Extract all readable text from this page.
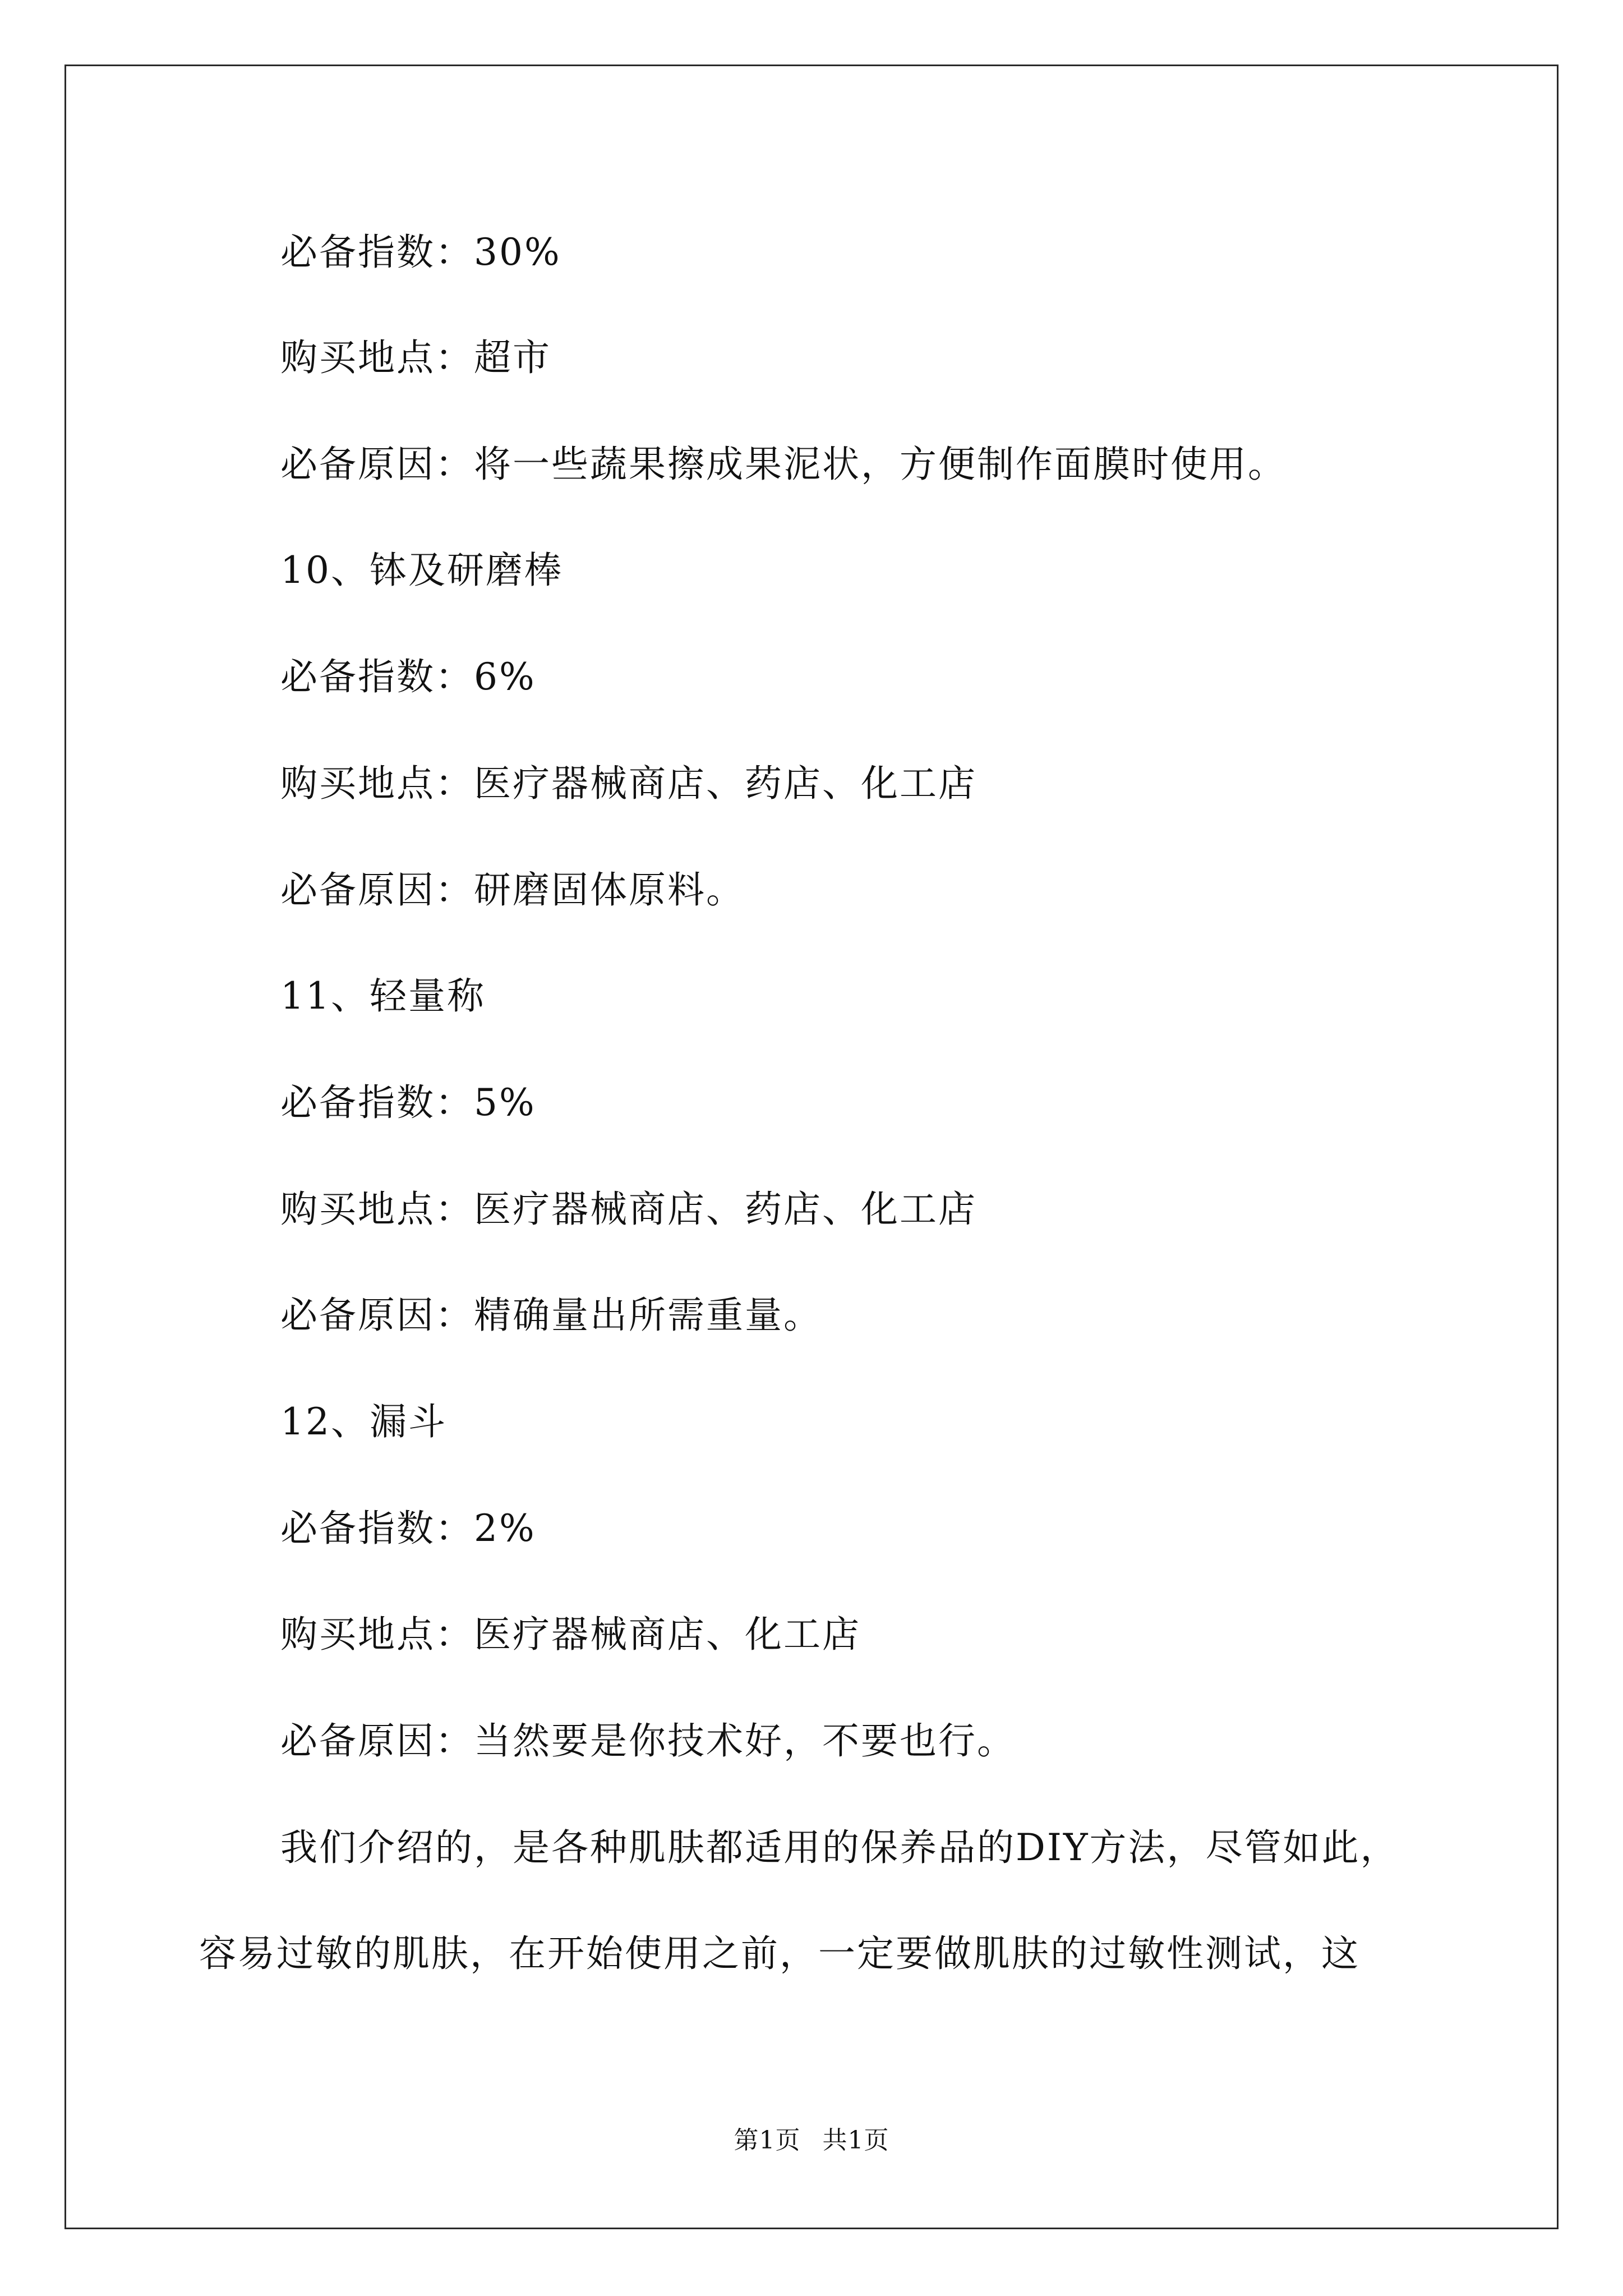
必备指数：30%
购买地点：超市
必备原因：将一些蔬果擦成果泥状，方便制作面膜时使用。
10、钵及研磨棒
必备指数：6%
购买地点：医疗器械商店、药店、化工店
必备原因：研磨固体原料。
11、轻量称
必备指数：5%
购买地点：医疗器械商店、药店、化工店
必备原因：精确量出所需重量。
12、漏斗
必备指数：2%
购买地点：医疗器械商店、化工店
必备原因：当然要是你技术好，不要也行。
我们介绍的，是各种肌肤都适用的保养品的DIY方法，尽管如此，
容易过敏的肌肤，在开始使用之前，一定要做肌肤的过敏性测试，这
第1页 共1页
